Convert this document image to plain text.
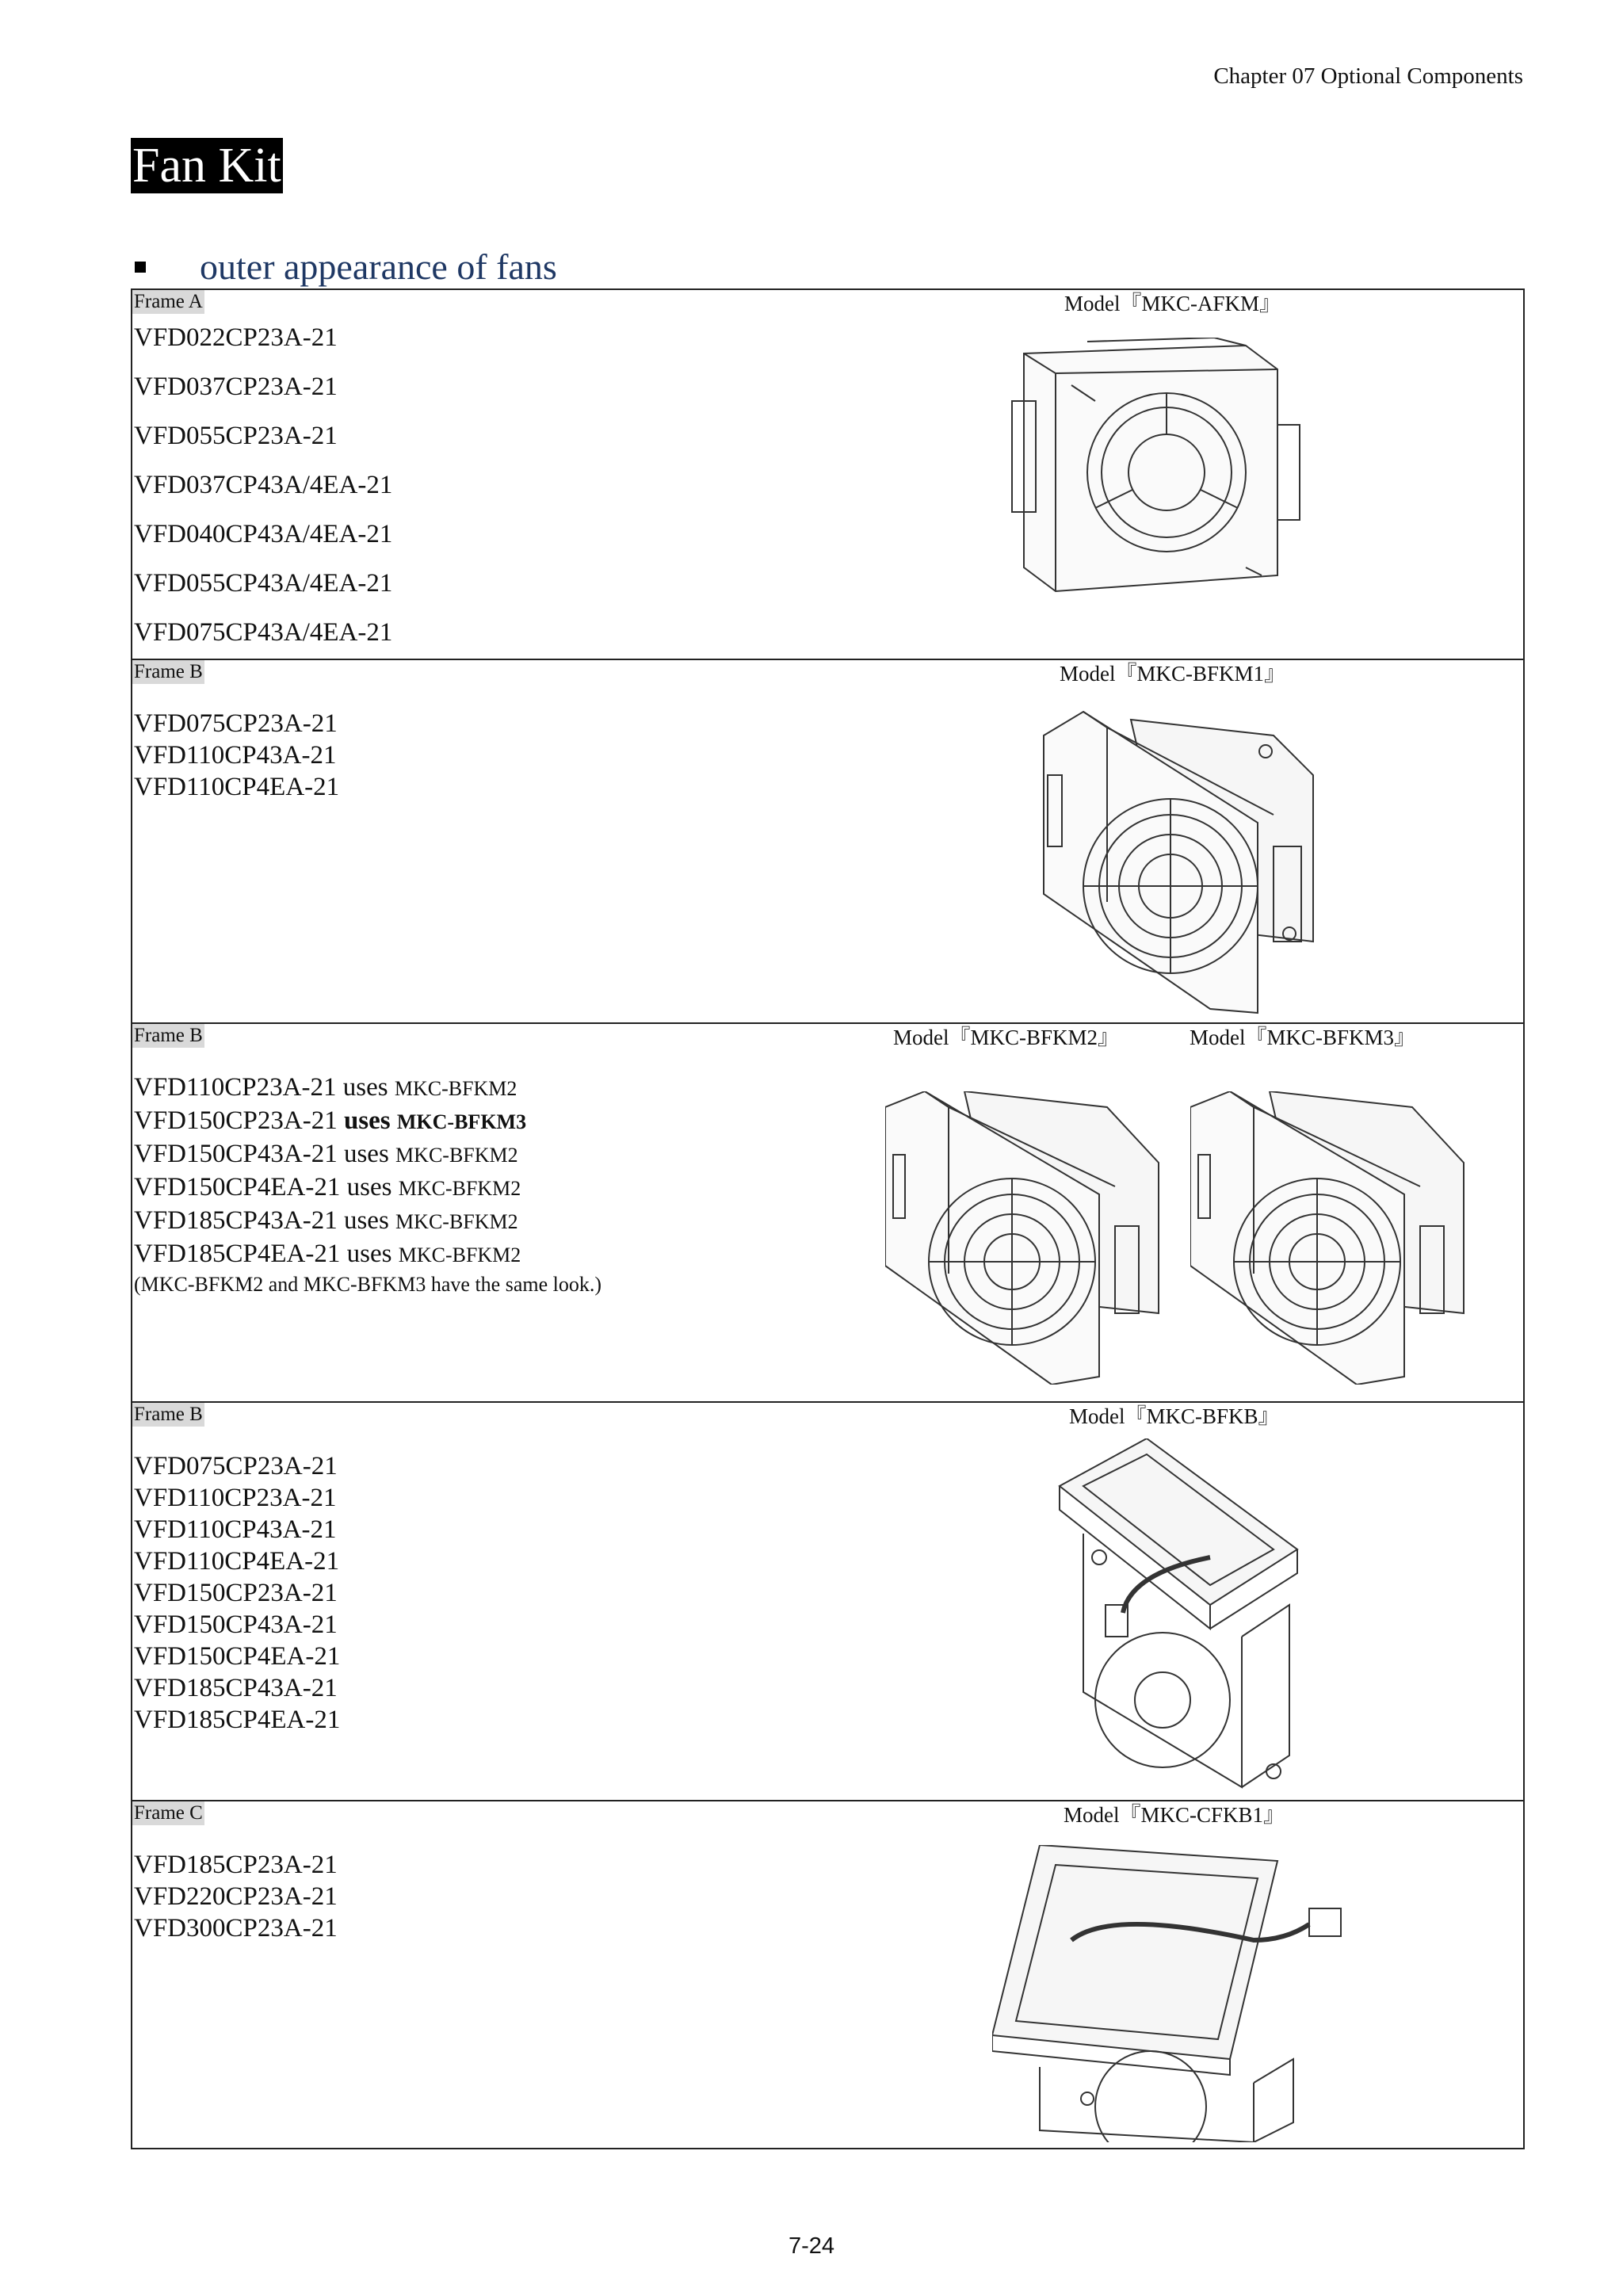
Chapter 07 Optional Components
Fan Kit
outer appearance of fans
Frame A	Model『MKC-AFKM』
VFD022CP23A-21
VFD037CP23A-21
VFD055CP23A-21
VFD037CP43A/4EA-21
VFD040CP43A/4EA-21
VFD055CP43A/4EA-21
VFD075CP43A/4EA-21
Frame B	Model『MKC-BFKM1』
VFD075CP23A-21
VFD110CP43A-21
VFD110CP4EA-21
Frame B	Model『MKC-BFKM2』	Model『MKC-BFKM3』
VFD110CP23A-21 uses MKC-BFKM2
VFD150CP23A-21 uses MKC-BFKM3
VFD150CP43A-21 uses MKC-BFKM2
VFD150CP4EA-21 uses MKC-BFKM2
VFD185CP43A-21 uses MKC-BFKM2
VFD185CP4EA-21 uses MKC-BFKM2
(MKC-BFKM2 and MKC-BFKM3 have the same look.)
Frame B	Model『MKC-BFKB』
VFD075CP23A-21
VFD110CP23A-21
VFD110CP43A-21
VFD110CP4EA-21
VFD150CP23A-21
VFD150CP43A-21
VFD150CP4EA-21
VFD185CP43A-21
VFD185CP4EA-21
Frame C	Model『MKC-CFKB1』
VFD185CP23A-21
VFD220CP23A-21
VFD300CP23A-21
7-24
